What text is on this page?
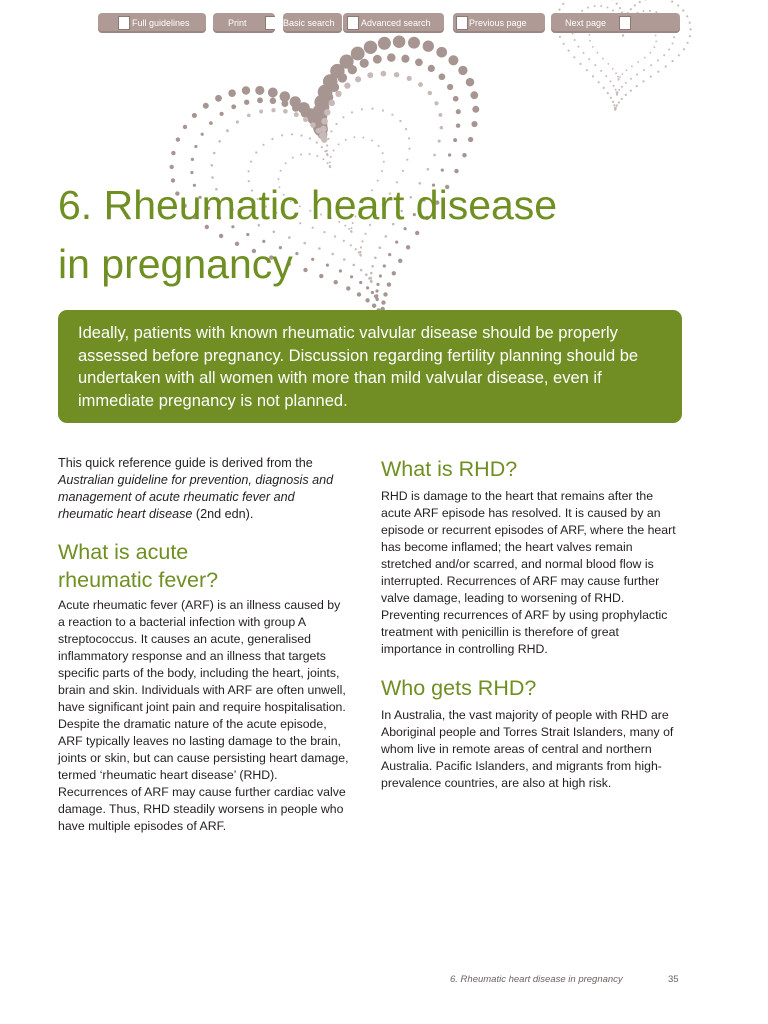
Full guidelines	Print	Basic search	Advanced search	Previous page	Next page
6. Rheumatic heart disease
in pregnancy

Ideally, patients with known rheumatic valvular disease should be properly assessed before pregnancy. Discussion regarding fertility planning should be undertaken with all women with more than mild valvular disease, even if immediate pregnancy is not planned.

This quick reference guide is derived from the Australian guideline for prevention, diagnosis and management of acute rheumatic fever and rheumatic heart disease (2nd edn).

What is acute
rheumatic fever?

Acute rheumatic fever (ARF) is an illness caused by a reaction to a bacterial infection with group A streptococcus. It causes an acute, generalised inflammatory response and an illness that targets specific parts of the body, including the heart, joints, brain and skin. Individuals with ARF are often unwell, have significant joint pain and require hospitalisation. Despite the dramatic nature of the acute episode, ARF typically leaves no lasting damage to the brain, joints or skin, but can cause persisting heart damage, termed ‘rheumatic heart disease’ (RHD). Recurrences of ARF may cause further cardiac valve damage. Thus, RHD steadily worsens in people who have multiple episodes of ARF.

What is RHD?

RHD is damage to the heart that remains after the acute ARF episode has resolved. It is caused by an episode or recurrent episodes of ARF, where the heart has become inflamed; the heart valves remain stretched and/or scarred, and normal blood flow is interrupted. Recurrences of ARF may cause further valve damage, leading to worsening of RHD. Preventing recurrences of ARF by using prophylactic treatment with penicillin is therefore of great importance in controlling RHD.

Who gets RHD?

In Australia, the vast majority of people with RHD are Aboriginal people and Torres Strait Islanders, many of whom live in remote areas of central and northern Australia. Pacific Islanders, and migrants from high-prevalence countries, are also at high risk.

6. Rheumatic heart disease in pregnancy	35
